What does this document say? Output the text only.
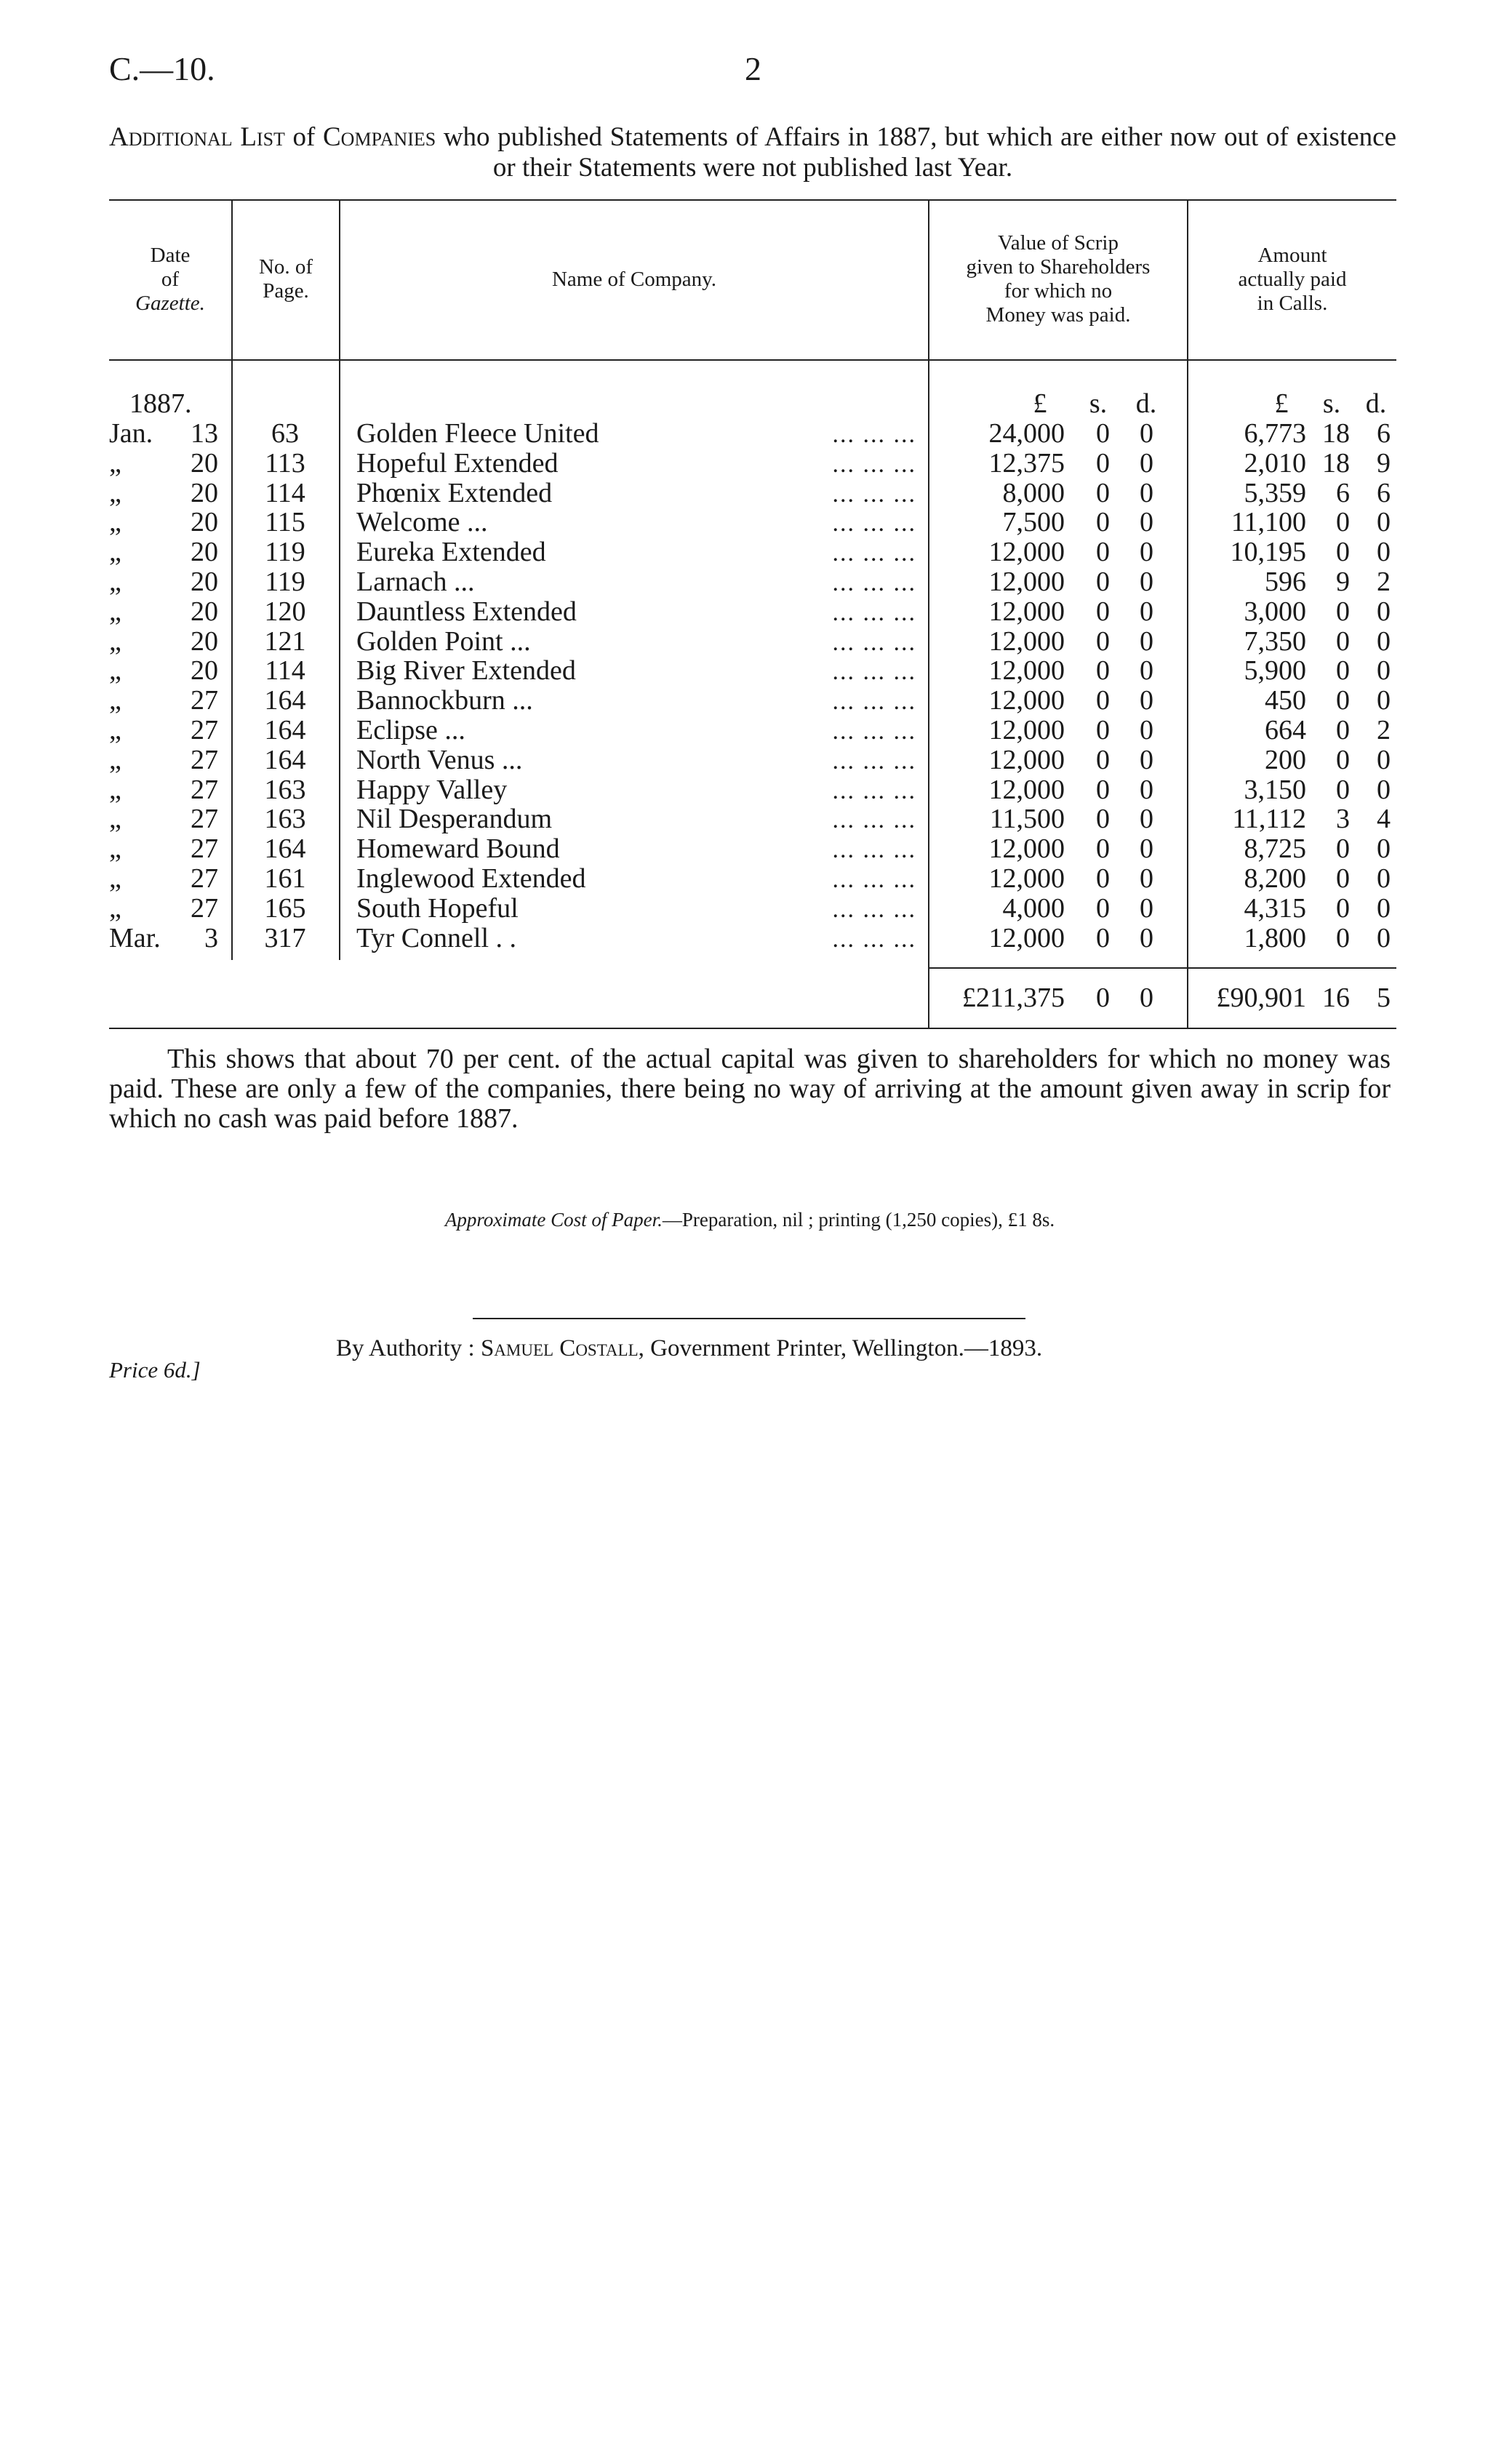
C.—10.	2
Additional List of Companies who published Statements of Affairs in 1887, but which are either now out of existence or their Statements were not published last Year.
Date
of
Gazette.
No. of
Page.
Name of Company.
Value of Scrip
given to Shareholders
for which no
Money was paid.
Amount
actually paid
in Calls.
1887.	£	s. d.	£	s. d.
Jan.	13	63	Golden Fleece United	... ... ...	24,000	0	0	6,773 18 6
„	20	113	Hopeful Extended	... ... ...	12,375	0	0	2,010 18 9
„	20	114	Phœnix Extended	... ... ...	8,000	0	0	5,359	6 6
„	20	115	Welcome ...	... ... ...	7,500	0	0	11,100	0 0
„	20	119	Eureka Extended	... ... ...	12,000	0	0	10,195	0 0
„	20	119	Larnach ...	... ... ...	12,000	0	0	596	9 2
„	20	120	Dauntless Extended	... ... ...	12,000	0	0	3,000	0 0
„	20	121	Golden Point ...	... ... ...	12,000	0	0	7,350	0 0
„	20	114	Big River Extended	... ... ...	12,000	0	0	5,900	0 0
„	27	164	Bannockburn ...	... ... ...	12,000	0	0	450	0 0
„	27	164	Eclipse ...	... ... ...	12,000	0	0	664	0 2
„	27	164	North Venus ...	... ... ...	12,000	0	0	200	0 0
„	27	163	Happy Valley	... ... ...	12,000	0	0	3,150	0 0
„	27	163	Nil Desperandum	... ... ...	11,500	0	0	11,112	3 4
„	27	164	Homeward Bound	... ... ...	12,000	0	0	8,725	0 0
„	27	161	Inglewood Extended	... ... ...	12,000	0	0	8,200	0 0
„	27	165	South Hopeful	... ... ...	4,000	0	0	4,315	0 0
Mar.	3	317	Tyr Connell . .	... ... ...	12,000	0	0	1,800	0 0
£211,375	0	0	£90,901 16 5
This shows that about 70 per cent. of the actual capital was given to shareholders for which no money was paid. These are only a few of the companies, there being no way of arriving at the amount given away in scrip for which no cash was paid before 1887.
Approximate Cost of Paper.—Preparation, nil ; printing (1,250 copies), £1 8s.
Price 6d.]
By Authority : Samuel Costall, Government Printer, Wellington.—1893.
